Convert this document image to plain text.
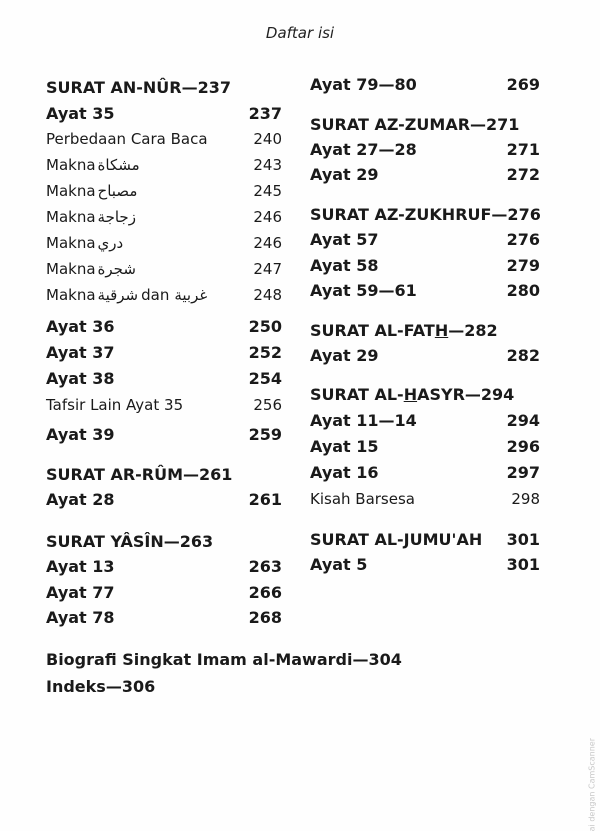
Daftar isi
SURAT AN-NÛR—237
Ayat 35	237
Perbedaan Cara Baca	240
Makna مشكاة	243
Makna مصباح	245
Makna زجاجة	246
Makna دري	246
Makna شجرة	247
Makna شرقية dan غربية	248
Ayat 36	250
Ayat 37	252
Ayat 38	254
Tafsir Lain Ayat 35	256
Ayat 39	259
SURAT AR-RÛM—261
Ayat 28	261
SURAT YÂSÎN—263
Ayat 13	263
Ayat 77	266
Ayat 78	268
Ayat 79—80	269
SURAT AZ-ZUMAR—271
Ayat 27—28	271
Ayat 29	272
SURAT AZ-ZUKHRUF—276
Ayat 57	276
Ayat 58	279
Ayat 59—61	280
SURAT AL-FAT H —282
Ayat 29	282
SURAT AL- H ASYR—294
Ayat 11—14	294
Ayat 15	296
Ayat 16	297
Kisah Barsesa	298
SURAT AL-JUMU'AH 301
Ayat 5	301
Biografi Singkat Imam al-Mawardi—304
Indeks—306
ai dengan CamScanner
